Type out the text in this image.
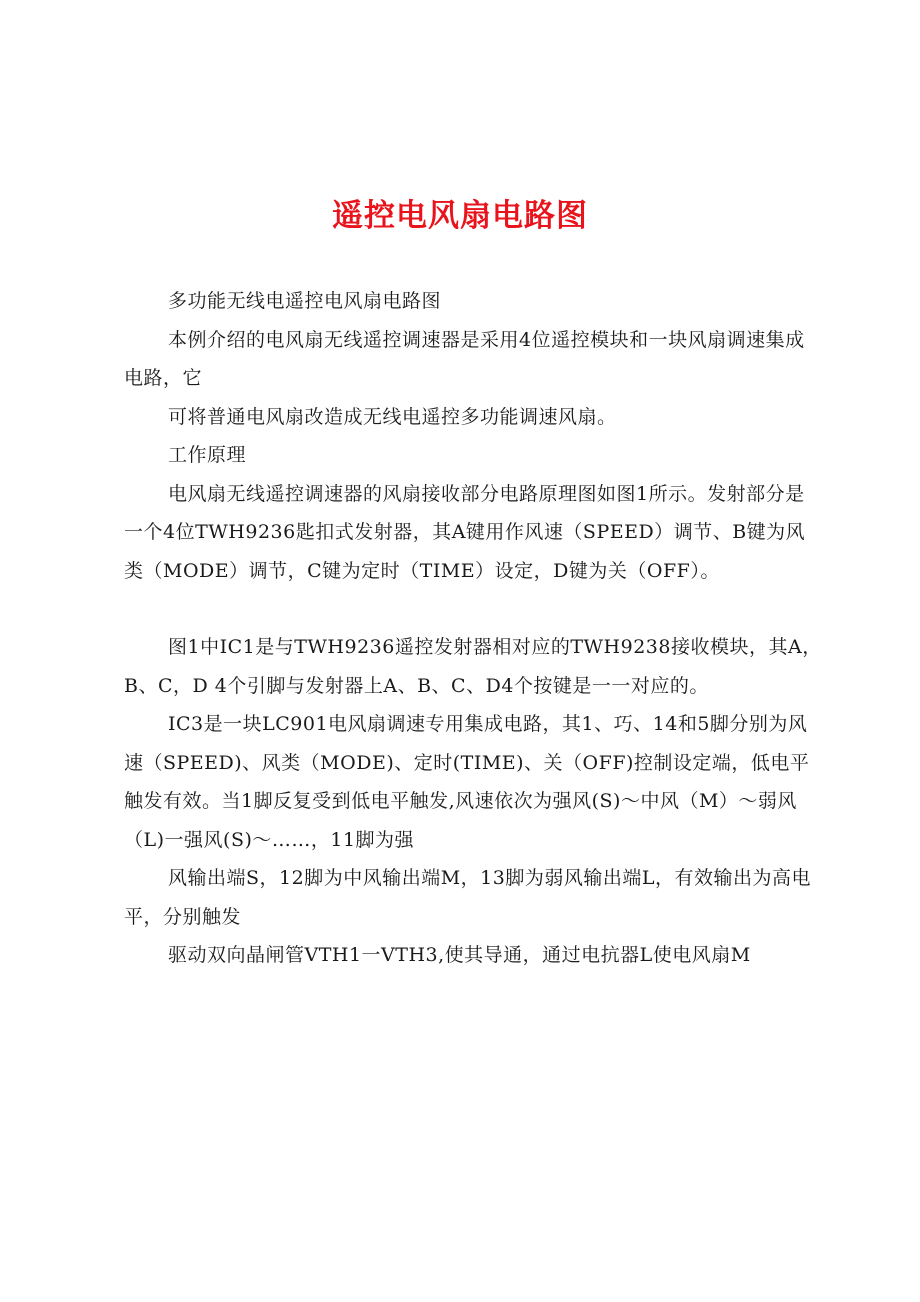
遥控电风扇电路图

多功能无线电遥控电风扇电路图

本例介绍的电风扇无线遥控调速器是采用4位遥控模块和一块风扇调速集成电路，它

可将普通电风扇改造成无线电遥控多功能调速风扇。

工作原理

电风扇无线遥控调速器的风扇接收部分电路原理图如图1所示。发射部分是一个4位TWH9236匙扣式发射器，其A键用作风速（SPEED）调节、B键为风类（MODE）调节，C键为定时（TIME）设定，D键为关（OFF）。

图1中IC1是与TWH9236遥控发射器相对应的TWH9238接收模块，其A，B、C，D 4个引脚与发射器上A、B、C、D4个按键是一一对应的。

IC3是一块LC901电风扇调速专用集成电路，其1、巧、14和5脚分别为风速（SPEED)、风类（MODE)、定时(TIME)、关（OFF)控制设定端，低电平触发有效。当1脚反复受到低电平触发,风速依次为强风(S)～中风（M）～弱风（L)一强风(S)～……，11脚为强

风输出端S，12脚为中风输出端M，13脚为弱风输出端L，有效输出为高电平，分别触发

驱动双向晶闸管VTH1一VTH3,使其导通，通过电抗器L使电风扇M
